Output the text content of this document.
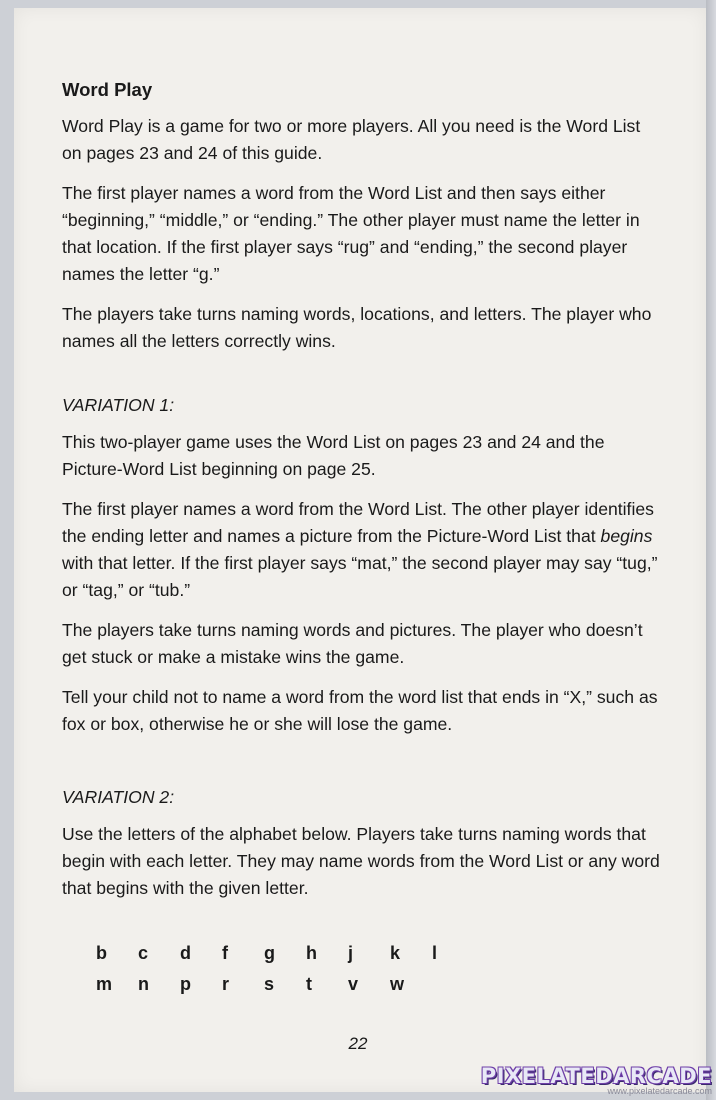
Word Play
Word Play is a game for two or more players. All you need is the Word List on pages 23 and 24 of this guide.
The first player names a word from the Word List and then says either “beginning,” “middle,” or “ending.” The other player must name the letter in that location. If the first player says “rug” and “ending,” the second player names the letter “g.”
The players take turns naming words, locations, and letters. The player who names all the letters correctly wins.
VARIATION 1:
This two-player game uses the Word List on pages 23 and 24 and the Picture-Word List beginning on page 25.
The first player names a word from the Word List. The other player identifies the ending letter and names a picture from the Picture-Word List that begins with that letter. If the first player says “mat,” the second player may say “tug,” or “tag,” or “tub.”
The players take turns naming words and pictures. The player who doesn’t get stuck or make a mistake wins the game.
Tell your child not to name a word from the word list that ends in “X,” such as fox or box, otherwise he or she will lose the game.
VARIATION 2:
Use the letters of the alphabet below. Players take turns naming words that begin with each letter. They may name words from the Word List or any word that begins with the given letter.
b	c	d	f	g	h	j	k	l
m	n	p	r	s	t	v	w
22
PIXELATEDARCADE
www.pixelatedarcade.com
